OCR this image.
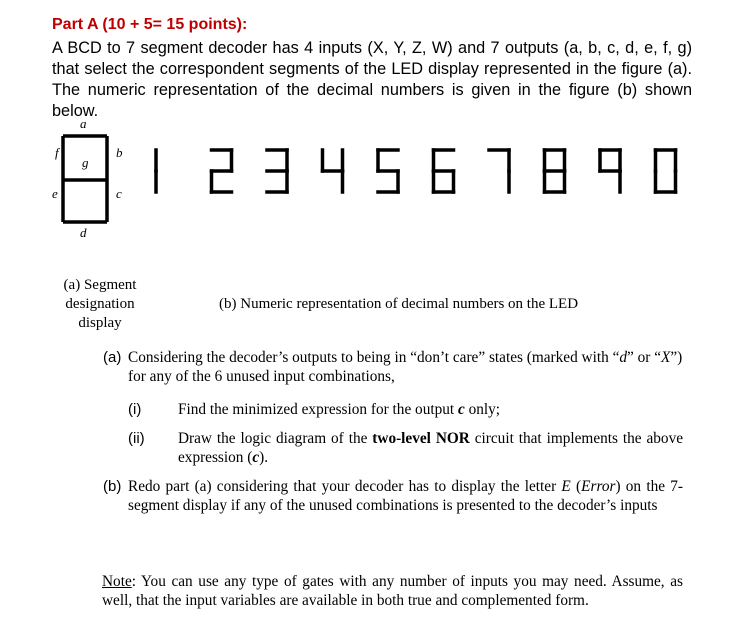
Part A (10 + 5= 15 points):
A BCD to 7 segment decoder has 4 inputs (X, Y, Z, W) and 7 outputs (a, b, c, d, e, f, g) that select the correspondent segments of the LED display represented in the figure (a). The numeric representation of the decimal numbers is given in the figure (b) shown below.
a
b
c
d
e
f
g
(a) Segment designation display
(b) Numeric representation of decimal numbers on the LED
(a) Considering the decoder’s outputs to being in “don’t care” states (marked with “d” or “X”) for any of the 6 unused input combinations,
(i) Find the minimized expression for the output c only;
(ii) Draw the logic diagram of the two-level NOR circuit that implements the above expression (c).
(b) Redo part (a) considering that your decoder has to display the letter E (Error) on the 7-segment display if any of the unused combinations is presented to the decoder’s inputs
Note: You can use any type of gates with any number of inputs you may need. Assume, as well, that the input variables are available in both true and complemented form.
